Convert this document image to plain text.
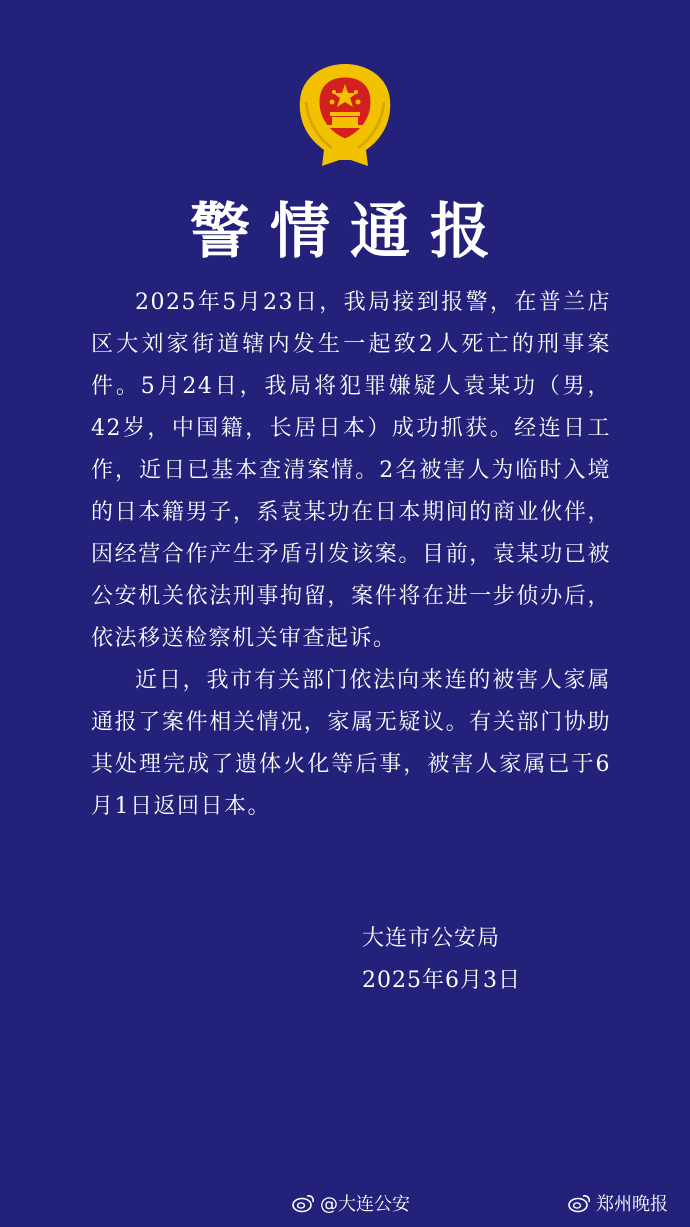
警情通报

2025年5月23日，我局接到报警，在普兰店区大刘家街道辖内发生一起致2人死亡的刑事案件。5月24日，我局将犯罪嫌疑人袁某功（男，42岁，中国籍，长居日本）成功抓获。经连日工作，近日已基本查清案情。2名被害人为临时入境的日本籍男子，系袁某功在日本期间的商业伙伴，因经营合作产生矛盾引发该案。目前，袁某功已被公安机关依法刑事拘留，案件将在进一步侦办后，依法移送检察机关审查起诉。

近日，我市有关部门依法向来连的被害人家属通报了案件相关情况，家属无疑议。有关部门协助其处理完成了遗体火化等后事，被害人家属已于6月1日返回日本。

大连市公安局
2025年6月3日
@大连公安	郑州晚报
